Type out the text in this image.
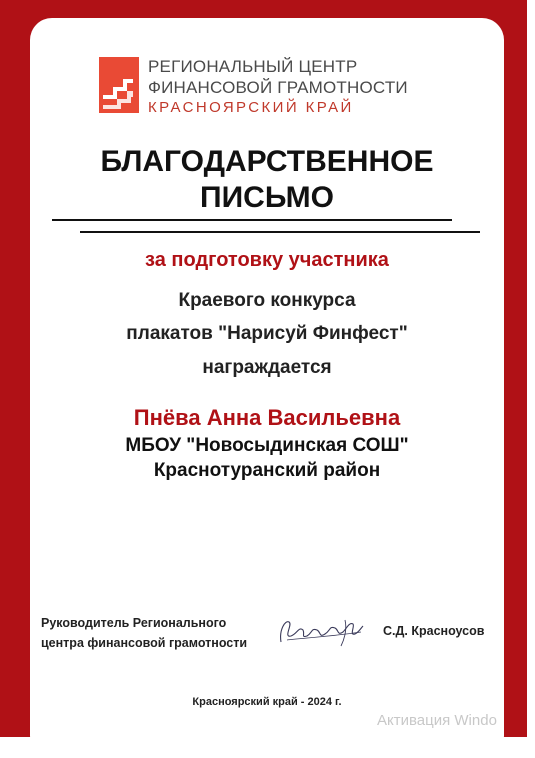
РЕГИОНАЛЬНЫЙ ЦЕНТР
ФИНАНСОВОЙ ГРАМОТНОСТИ
КРАСНОЯРСКИЙ КРАЙ
БЛАГОДАРСТВЕННОЕ
ПИСЬМО
за подготовку участника
Краевого конкурса
плакатов "Нарисуй Финфест"
награждается
Пнёва Анна Васильевна
МБОУ "Новосыдинская СОШ"
Краснотуранский район
Руководитель Регионального
центра финансовой грамотности
С.Д. Красноусов
Красноярский край - 2024 г.
Активация Windo
